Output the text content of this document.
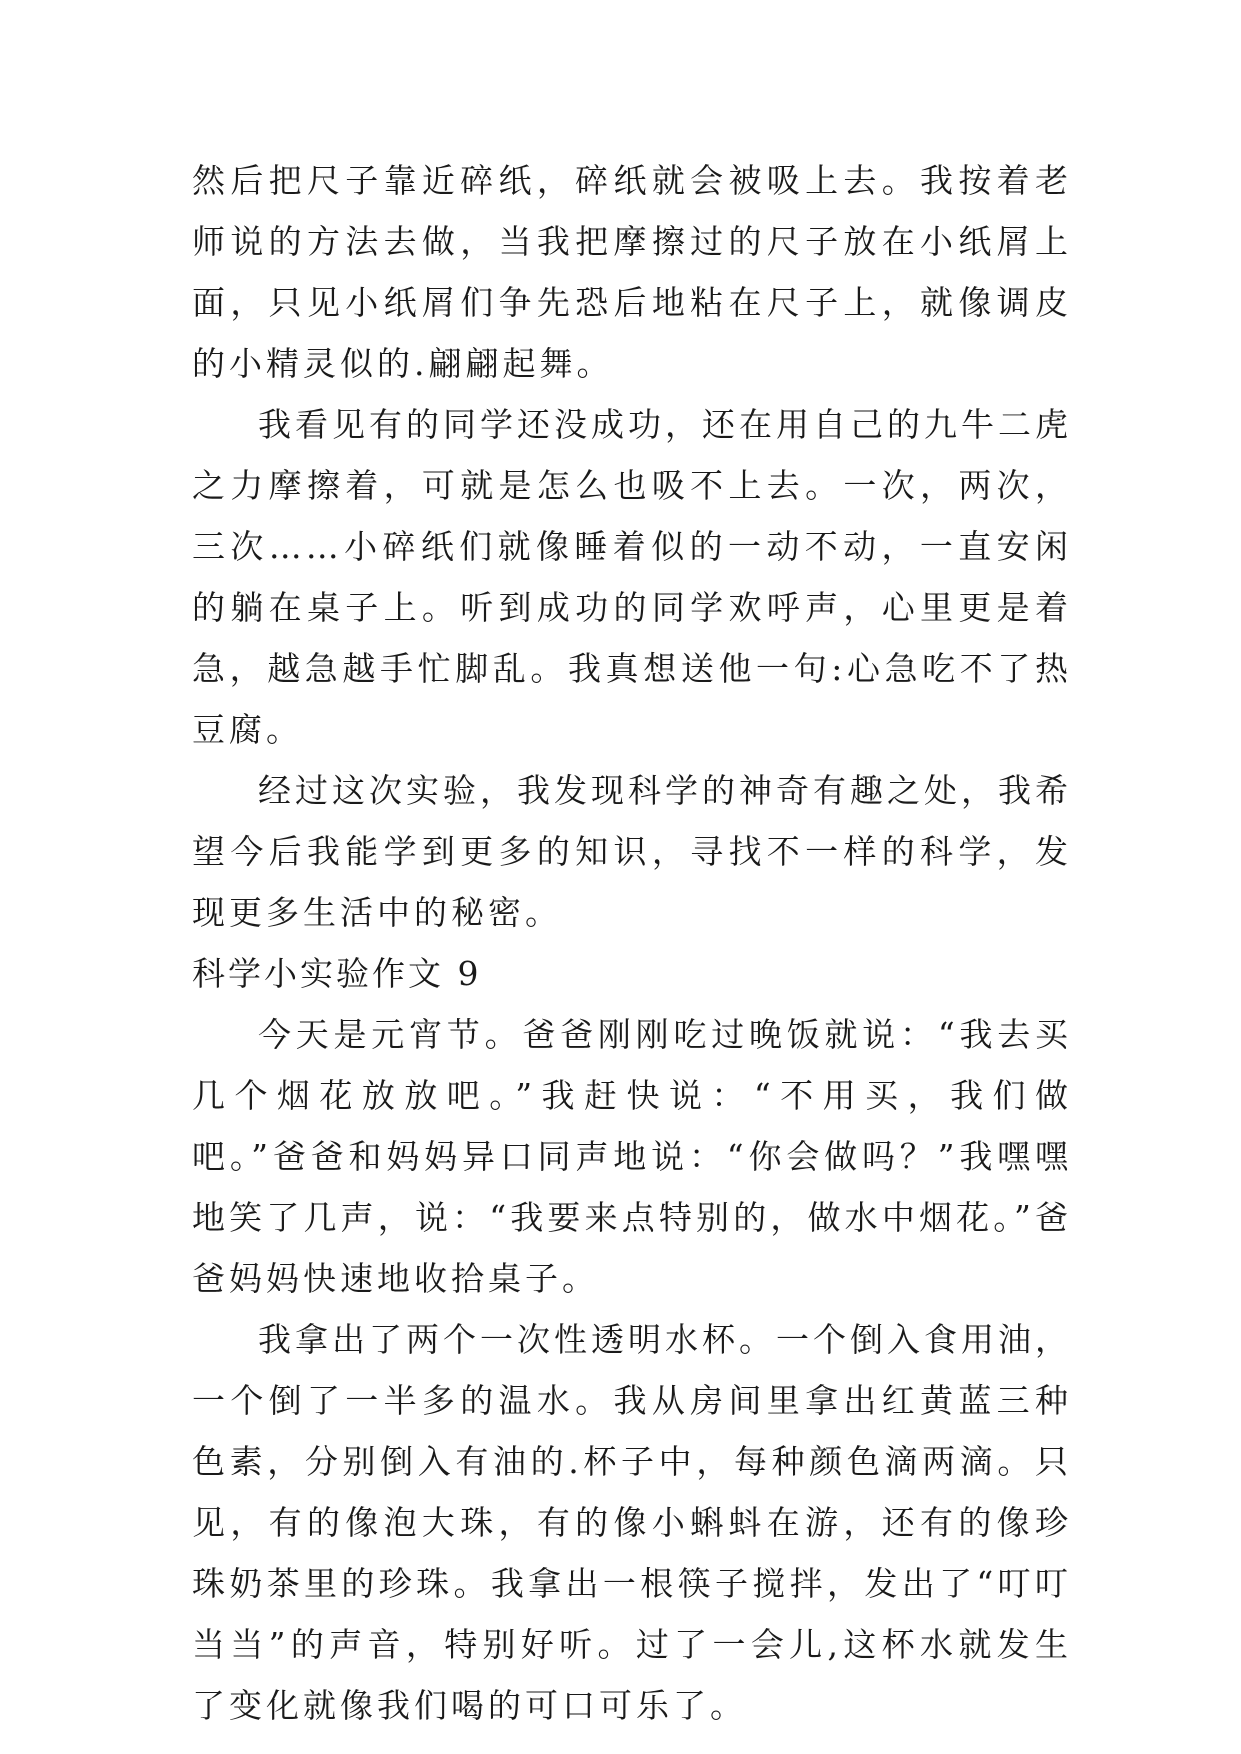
然后把尺子靠近碎纸，碎纸就会被吸上去。我按着老师说的方法去做，当我把摩擦过的尺子放在小纸屑上面，只见小纸屑们争先恐后地粘在尺子上，就像调皮的小精灵似的.翩翩起舞。

我看见有的同学还没成功，还在用自己的九牛二虎之力摩擦着，可就是怎么也吸不上去。一次，两次，三次……小碎纸们就像睡着似的一动不动，一直安闲的躺在桌子上。听到成功的同学欢呼声，心里更是着急，越急越手忙脚乱。我真想送他一句:心急吃不了热豆腐。

经过这次实验，我发现科学的神奇有趣之处，我希望今后我能学到更多的知识，寻找不一样的科学，发现更多生活中的秘密。

科学小实验作文 9

今天是元宵节。爸爸刚刚吃过晚饭就说：“我去买几个烟花放放吧。”我赶快说：“不用买，我们做吧。”爸爸和妈妈异口同声地说：“你会做吗？”我嘿嘿地笑了几声，说：“我要来点特别的，做水中烟花。”爸爸妈妈快速地收拾桌子。

我拿出了两个一次性透明水杯。一个倒入食用油，一个倒了一半多的温水。我从房间里拿出红黄蓝三种色素，分别倒入有油的.杯子中，每种颜色滴两滴。只见，有的像泡大珠，有的像小蝌蚪在游，还有的像珍珠奶茶里的珍珠。我拿出一根筷子搅拌，发出了“叮叮当当”的声音，特别好听。过了一会儿,这杯水就发生了变化就像我们喝的可口可乐了。
